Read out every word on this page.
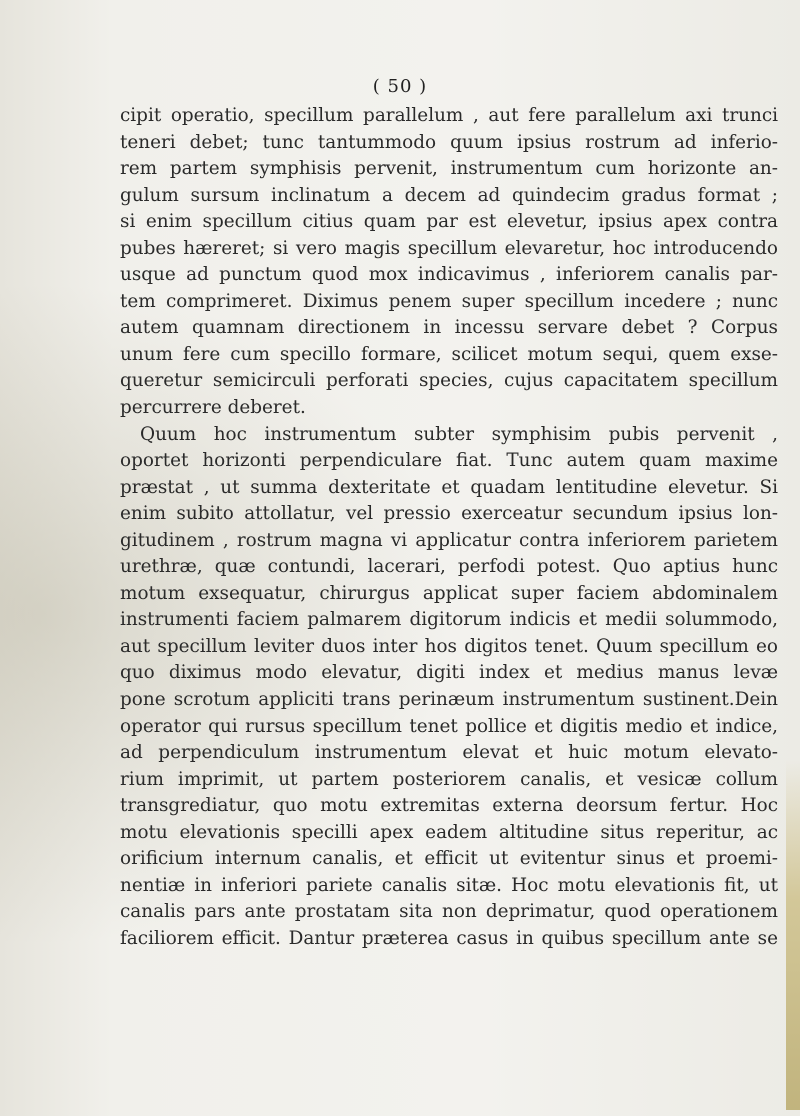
( 50 )
cipit operatio, specillum parallelum , aut fere parallelum axi trunci
teneri debet; tunc tantummodo quum ipsius rostrum ad inferio-
rem partem symphisis pervenit, instrumentum cum horizonte an-
gulum sursum inclinatum a decem ad quindecim gradus format ;
si enim specillum citius quam par est elevetur, ipsius apex contra
pubes hæreret; si vero magis specillum elevaretur, hoc introducendo
usque ad punctum quod mox indicavimus , inferiorem canalis par-
tem comprimeret. Diximus penem super specillum incedere ; nunc
autem quamnam directionem in incessu servare debet ? Corpus
unum fere cum specillo formare, scilicet motum sequi, quem exse-
queretur semicirculi perforati species, cujus capacitatem specillum
percurrere deberet.
Quum hoc instrumentum subter symphisim pubis pervenit ,
oportet horizonti perpendiculare fiat. Tunc autem quam maxime
præstat , ut summa dexteritate et quadam lentitudine elevetur. Si
enim subito attollatur, vel pressio exerceatur secundum ipsius lon-
gitudinem , rostrum magna vi applicatur contra inferiorem parietem
urethræ, quæ contundi, lacerari, perfodi potest. Quo aptius hunc
motum exsequatur, chirurgus applicat super faciem abdominalem
instrumenti faciem palmarem digitorum indicis et medii solummodo,
aut specillum leviter duos inter hos digitos tenet. Quum specillum eo
quo diximus modo elevatur, digiti index et medius manus levæ
pone scrotum appliciti trans perinæum instrumentum sustinent.Dein
operator qui rursus specillum tenet pollice et digitis medio et indice,
ad perpendiculum instrumentum elevat et huic motum elevato-
rium imprimit, ut partem posteriorem canalis, et vesicæ collum
transgrediatur, quo motu extremitas externa deorsum fertur. Hoc
motu elevationis specilli apex eadem altitudine situs reperitur, ac
orificium internum canalis, et efficit ut evitentur sinus et proemi-
nentiæ in inferiori pariete canalis sitæ. Hoc motu elevationis fit, ut
canalis pars ante prostatam sita non deprimatur, quod operationem
faciliorem efficit. Dantur præterea casus in quibus specillum ante se
